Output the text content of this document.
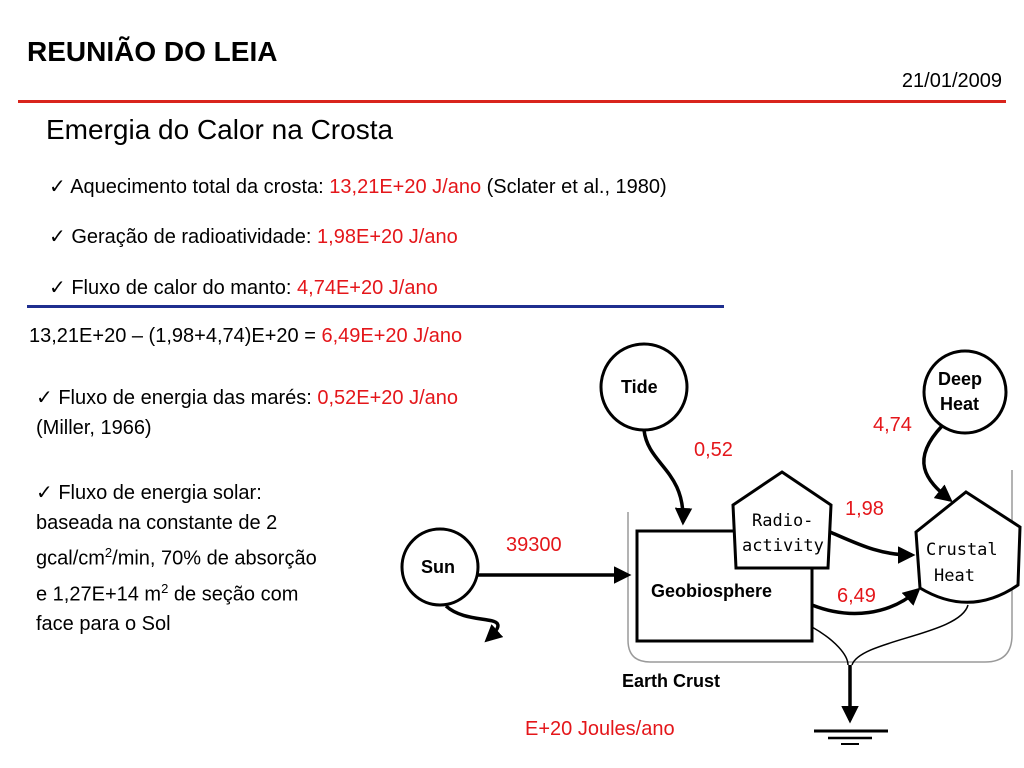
REUNIÃO DO LEIA
21/01/2009
Emergia do Calor na Crosta
✓ Aquecimento total da crosta: 13,21E+20 J/ano (Sclater et al., 1980)
✓ Geração de radioatividade: 1,98E+20 J/ano
✓ Fluxo de calor do manto: 4,74E+20 J/ano
13,21E+20 – (1,98+4,74)E+20 = 6,49E+20 J/ano
✓ Fluxo de energia das marés: 0,52E+20 J/ano
(Miller, 1966)
✓ Fluxo de energia solar:
baseada na constante de 2
gcal/$cm^2/\min$, 70% de absorção
e 1,27E+14 $m^2$ de seção com
face para o Sol
Geobiosphere
Tide	Deep
Heat
Sun
Radio-
activity	Crustal
Heat
Earth Crust
0,52
4,74
1,98
39300
6,49
E+20 Joules/ano
